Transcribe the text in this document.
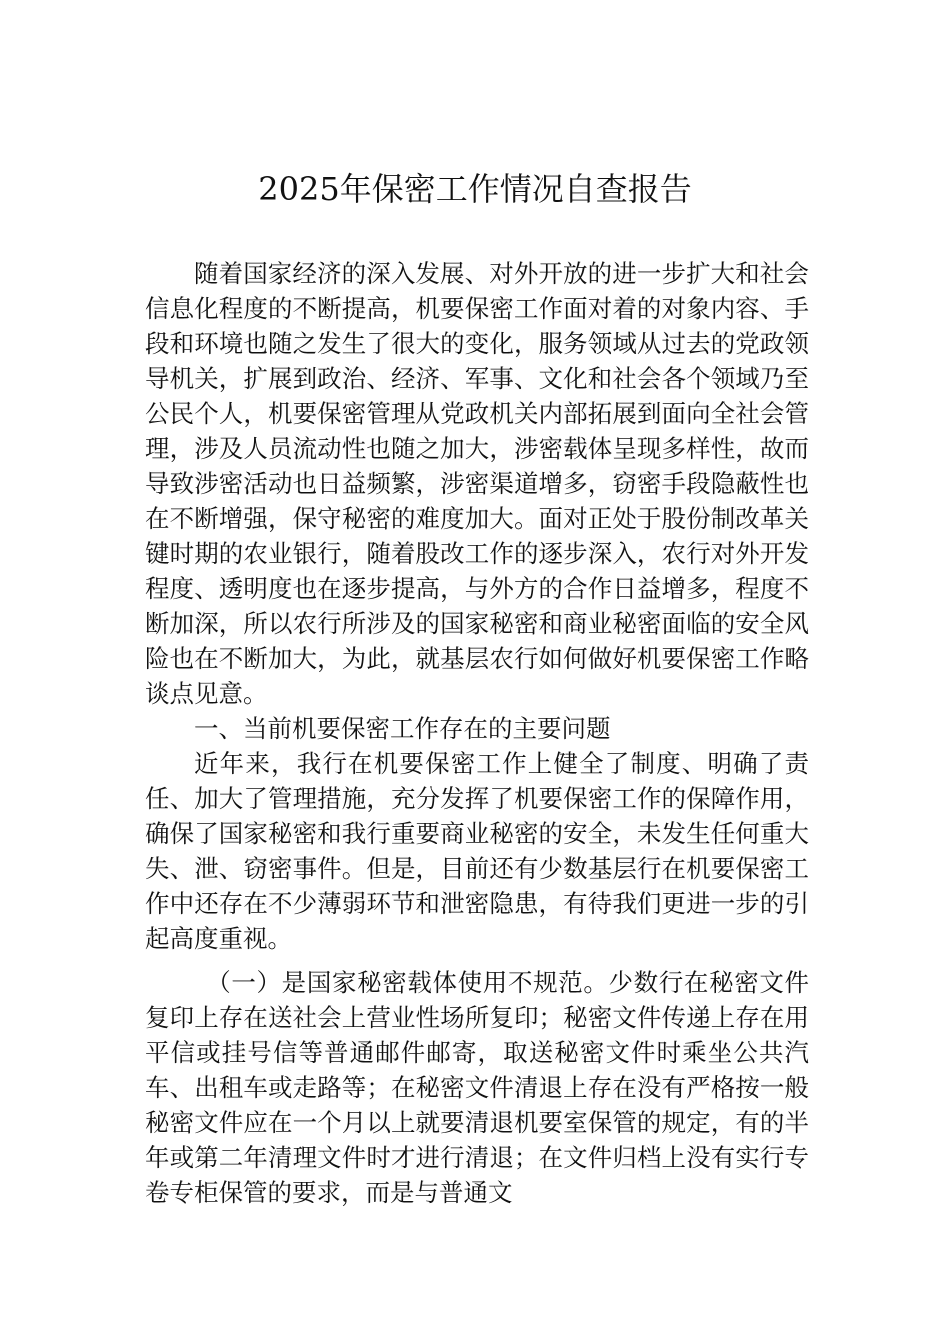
2025年保密工作情况自查报告

随着国家经济的深入发展、对外开放的进一步扩大和社会信息化程度的不断提高，机要保密工作面对着的对象内容、手段和环境也随之发生了很大的变化，服务领域从过去的党政领导机关，扩展到政治、经济、军事、文化和社会各个领域乃至公民个人，机要保密管理从党政机关内部拓展到面向全社会管理，涉及人员流动性也随之加大，涉密载体呈现多样性，故而导致涉密活动也日益频繁，涉密渠道增多，窃密手段隐蔽性也在不断增强，保守秘密的难度加大。面对正处于股份制改革关键时期的农业银行，随着股改工作的逐步深入，农行对外开发程度、透明度也在逐步提高，与外方的合作日益增多，程度不断加深，所以农行所涉及的国家秘密和商业秘密面临的安全风险也在不断加大，为此，就基层农行如何做好机要保密工作略谈点见意。

一、当前机要保密工作存在的主要问题

近年来，我行在机要保密工作上健全了制度、明确了责任、加大了管理措施，充分发挥了机要保密工作的保障作用，确保了国家秘密和我行重要商业秘密的安全，未发生任何重大失、泄、窃密事件。但是，目前还有少数基层行在机要保密工作中还存在不少薄弱环节和泄密隐患，有待我们更进一步的引起高度重视。

（一）是国家秘密载体使用不规范。少数行在秘密文件复印上存在送社会上营业性场所复印；秘密文件传递上存在用平信或挂号信等普通邮件邮寄，取送秘密文件时乘坐公共汽车、出租车或走路等；在秘密文件清退上存在没有严格按一般秘密文件应在一个月以上就要清退机要室保管的规定，有的半年或第二年清理文件时才进行清退；在文件归档上没有实行专卷专柜保管的要求，而是与普通文
